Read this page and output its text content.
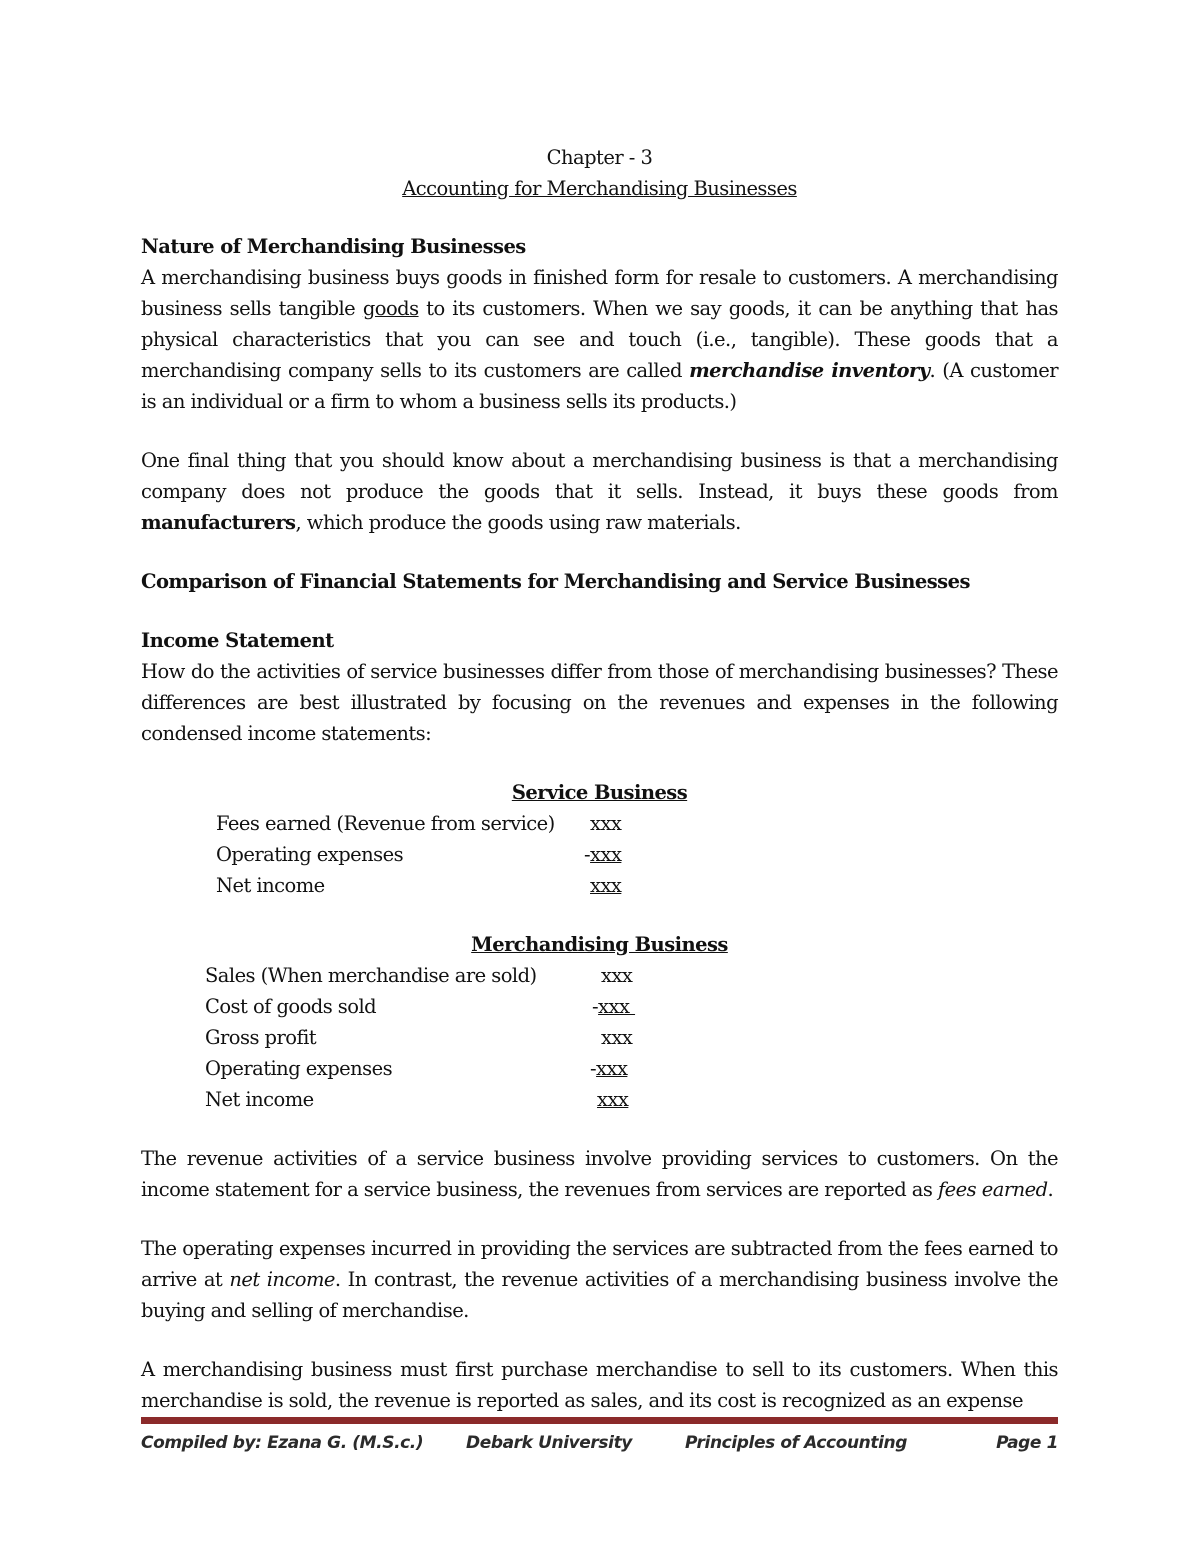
Chapter - 3
Accounting for Merchandising Businesses
Nature of Merchandising Businesses

A merchandising business buys goods in finished form for resale to customers. A merchandising business sells tangible goods to its customers. When we say goods, it can be anything that has physical characteristics that you can see and touch (i.e., tangible). These goods that a merchandising company sells to its customers are called merchandise inventory. (A customer is an individual or a firm to whom a business sells its products.)

One final thing that you should know about a merchandising business is that a merchandising company does not produce the goods that it sells. Instead, it buys these goods from manufacturers, which produce the goods using raw materials.

Comparison of Financial Statements for Merchandising and Service Businesses
Income Statement

How do the activities of service businesses differ from those of merchandising businesses? These differences are best illustrated by focusing on the revenues and expenses in the following condensed income statements:

Service Business
Fees earned (Revenue from service) xxx
Operating expenses	-xxx
Net income	xxx
Merchandising Business
Sales (When merchandise are sold)	xxx
Cost of goods sold	-xxx
Gross profit	xxx
Operating expenses	-xxx
Net income	xxx

The revenue activities of a service business involve providing services to customers. On the income statement for a service business, the revenues from services are reported as fees earned.

The operating expenses incurred in providing the services are subtracted from the fees earned to arrive at net income. In contrast, the revenue activities of a merchandising business involve the buying and selling of merchandise.

A merchandising business must first purchase merchandise to sell to its customers. When this merchandise is sold, the revenue is reported as sales, and its cost is recognized as an expense

Compiled by: Ezana G. (M.S.c.)	Debark University	Principles of Accounting	Page 1
